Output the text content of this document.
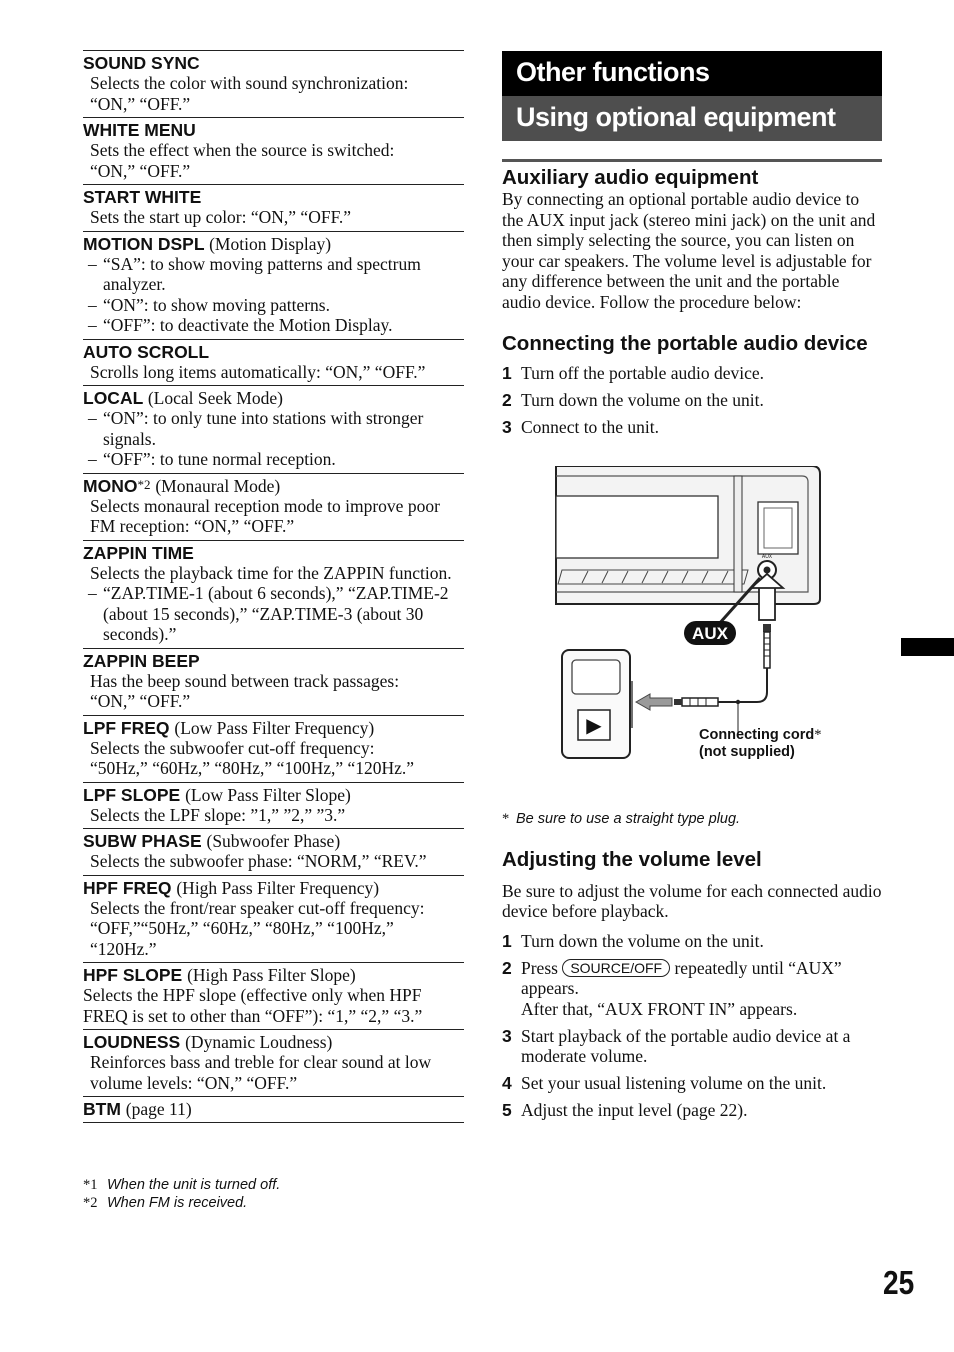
SOUND SYNC
Selects the color with sound synchronization:
“ON,” “OFF.”
WHITE MENU
Sets the effect when the source is switched:
“ON,” “OFF.”
START WHITE
Sets the start up color: “ON,” “OFF.”
MOTION DSPL (Motion Display)
– “SA”: to show moving patterns and spectrum analyzer.
– “ON”: to show moving patterns.
– “OFF”: to deactivate the Motion Display.
AUTO SCROLL
Scrolls long items automatically: “ON,” “OFF.”
LOCAL (Local Seek Mode)
– “ON”: to only tune into stations with stronger signals.
– “OFF”: to tune normal reception.
MONO$^{*2}$ (Monaural Mode)
Selects monaural reception mode to improve poor FM reception: “ON,” “OFF.”
ZAPPIN TIME
Selects the playback time for the ZAPPIN function.
– “ZAP.TIME-1 (about 6 seconds),” “ZAP.TIME-2 (about 15 seconds),” “ZAP.TIME-3 (about 30 seconds).”
ZAPPIN BEEP
Has the beep sound between track passages:
“ON,” “OFF.”
LPF FREQ (Low Pass Filter Frequency)
Selects the subwoofer cut-off frequency:
“50Hz,” “60Hz,” “80Hz,” “100Hz,” “120Hz.”
LPF SLOPE (Low Pass Filter Slope)
Selects the LPF slope: ”1,” ”2,” ”3.”
SUBW PHASE (Subwoofer Phase)
Selects the subwoofer phase: “NORM,” “REV.”
HPF FREQ (High Pass Filter Frequency)
Selects the front/rear speaker cut-off frequency: “OFF,”“50Hz,” “60Hz,” “80Hz,” “100Hz,” “120Hz.”
HPF SLOPE (High Pass Filter Slope)
Selects the HPF slope (effective only when HPF FREQ is set to other than “OFF”): “1,” “2,” “3.”
LOUDNESS (Dynamic Loudness)
Reinforces bass and treble for clear sound at low volume levels: “ON,” “OFF.”
BTM (page 11)
*1 When the unit is turned off.
*2 When FM is received.
Other functions
Using optional equipment
Auxiliary audio equipment
By connecting an optional portable audio device to the AUX input jack (stereo mini jack) on the unit and then simply selecting the source, you can listen on your car speakers. The volume level is adjustable for any difference between the unit and the portable audio device. Follow the procedure below:
Connecting the portable audio device
1 Turn off the portable audio device.
2 Turn down the volume on the unit.
3 Connect to the unit.
AUX
AUX
▶	Connecting cord*
(not supplied)
* Be sure to use a straight type plug.
Adjusting the volume level
Be sure to adjust the volume for each connected audio device before playback.
1 Turn down the volume on the unit.
2 Press SOURCE/OFF repeatedly until “AUX” appears.
After that, “AUX FRONT IN” appears.
3 Start playback of the portable audio device at a moderate volume.
4 Set your usual listening volume on the unit.
5 Adjust the input level (page 22).
25
